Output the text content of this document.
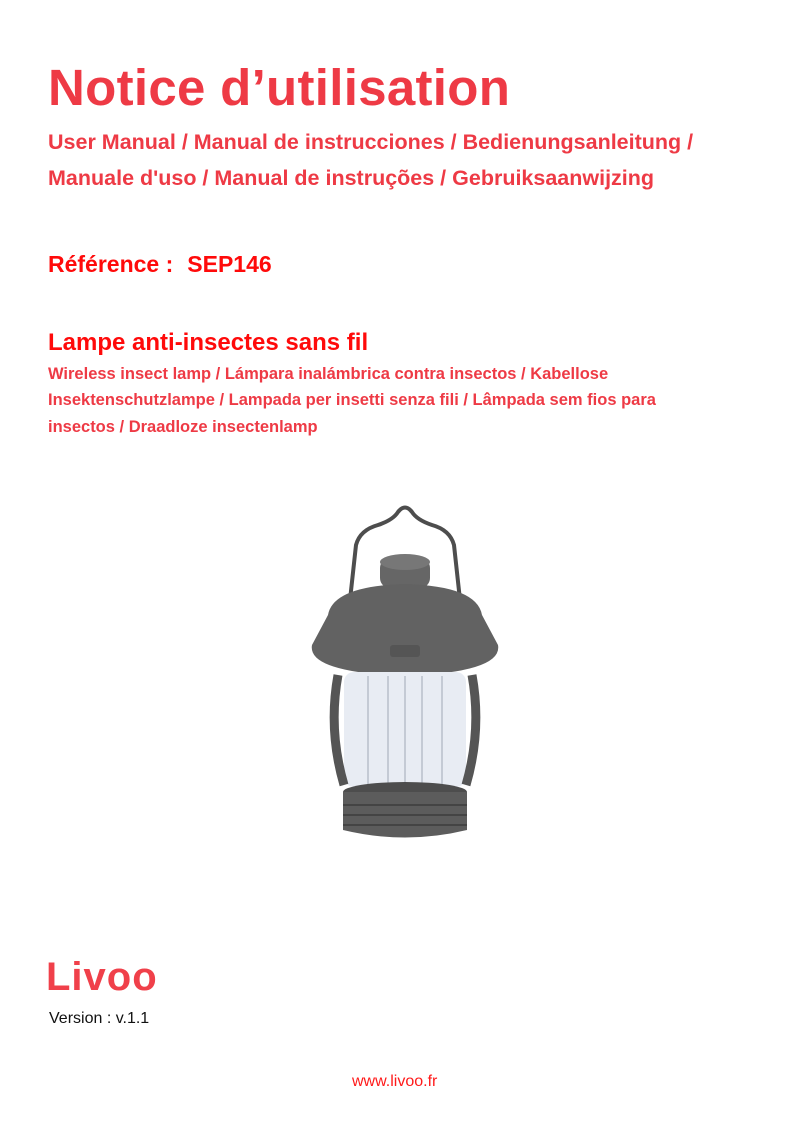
Notice d’utilisation
User Manual / Manual de instrucciones / Bedienungsanleitung /
Manuale d'uso / Manual de instruções / Gebruiksaanwijzing
Référence : SEP146
Lampe anti-insectes sans fil
Wireless insect lamp / Lámpara inalámbrica contra insectos / Kabellose
Insektenschutzlampe / Lampada per insetti senza fili / Lâmpada sem fios para
insectos / Draadloze insectenlamp
Livoo
Version : v.1.1
www.livoo.fr
